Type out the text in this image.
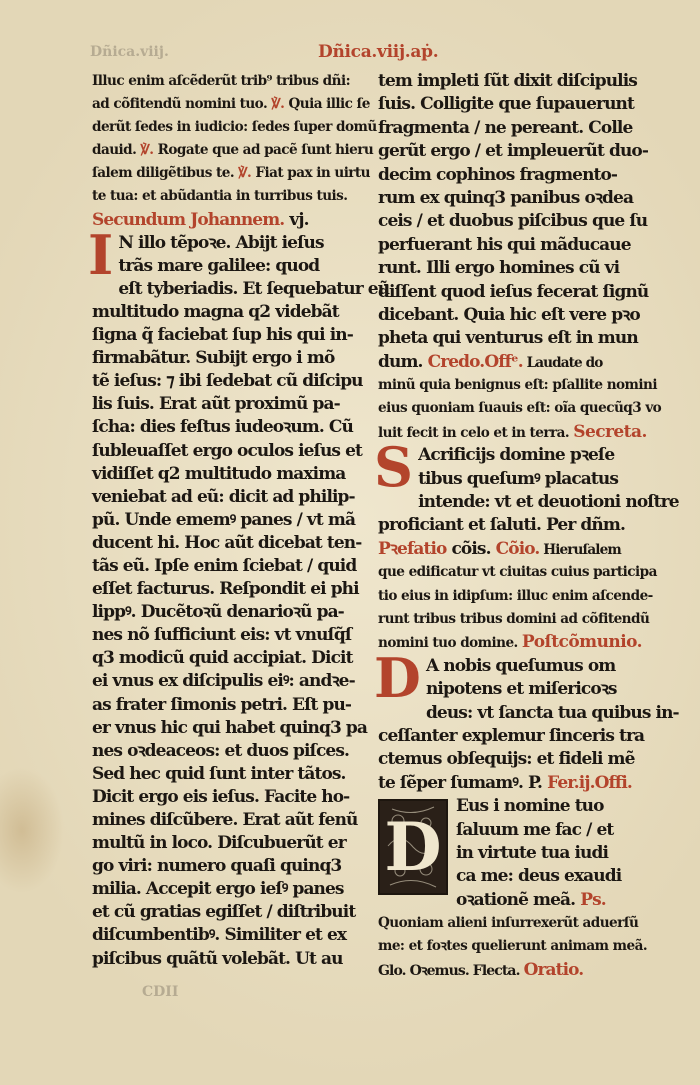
Dñica.viij.	Dñica.viij.aṗ.
Illuc enim aſcẽderũt trib⁹ tribus dñi:
ad cõfitendũ nomini tuo. ℣. Quia illic ſe
derũt ſedes in iudicio: ſedes ſuper domũ
dauid. ℣. Rogate que ad pacẽ ſunt hieru
ſalem diligẽtibus te. ℣. Fiat pax in uirtu
te tua: et abũdantia in turribus tuis.
Secundum Johannem. vj.
I N illo tẽpoꝛe. Abijt ieſus
trãs mare galilee: quod
eſt tyberiadis. Et ſequebatur eũ
multitudo magna q2 videbãt
ſigna q̃ faciebat ſup his qui in-
firmabãtur. Subijt ergo i mõ
tẽ ieſus: ⁊ ibi ſedebat cũ diſcipu
lis ſuis. Erat aũt proximũ pa-
ſcha: dies feſtus iudeoꝛum. Cũ
ſubleuaſſet ergo oculos ieſus et
vidiſſet q2 multitudo maxima
veniebat ad eũ: dicit ad philip-
pũ. Unde ememꝰ panes / vt mã
ducent hi. Hoc aũt dicebat ten-
tãs eũ. Ipſe enim ſciebat / quid
eſſet facturus. Reſpondit ei phi
lippꝰ. Ducẽtoꝛũ denarioꝛũ pa-
nes nõ ſufficiunt eis: vt vnuſq̃ſ
q3 modicũ quid accipiat. Dicit
ei vnus ex diſcipulis eiꝰ: andꝛe-
as frater ſimonis petri. Eſt pu-
er vnus hic qui habet quinq3 pa
nes oꝛdeaceos: et duos piſces.
Sed hec quid ſunt inter tãtos.
Dicit ergo eis ieſus. Facite ho-
mines diſcũbere. Erat aũt fenũ
multũ in loco. Diſcubuerũt er
go viri: numero quaſi quinq3
milia. Accepit ergo ieſꝰ panes
et cũ gratias egiſſet / diſtribuit
diſcumbentibꝰ. Similiter et ex
piſcibus quãtũ volebãt. Ut au
tem impleti ſũt dixit diſcipulis
ſuis. Colligite que ſupauerunt
fragmenta / ne pereant. Colle
gerũt ergo / et impleuerũt duo-
decim cophinos fragmento-
rum ex quinq3 panibus oꝛdea
ceis / et duobus piſcibus que ſu
perfuerant his qui mãducaue
runt. Illi ergo homines cũ vi
diſſent quod ieſus fecerat ſignũ
dicebant. Quia hic eſt vere pꝛo
pheta qui venturus eſt in mun
dum. Credo.Offᵉ. Laudate do
minũ quia benignus eſt: pſallite nomini
eius quoniam ſuauis eſt: oĩa quecũq3 vo
luit fecit in celo et in terra. Secreta.
S Acrificijs domine pꝛeſe
tibus queſumꝰ placatus
intende: vt et deuotioni noſtre
proficiant et ſaluti. Per dñm.
Pꝛefatio cõis. Cõio. Hieruſalem
que edificatur vt ciuitas cuius participa
tio eius in idipſum: illuc enim aſcende-
runt tribus tribus domini ad cõfitendũ
nomini tuo domine. Poſtcõmunio.
D A nobis queſumus om
nipotens et miſericoꝛs
deus: vt ſancta tua quibus in-
ceſſanter explemur ſinceris tra
ctemus obſequijs: et fideli mẽ
te ſẽper ſumamꝰ. P. Fer.ij.Offi.
D
Eus i nomine tuo
ſaluum me fac / et
in virtute tua iudi
ca me: deus exaudi
oꝛationẽ meã. Ps.
Quoniam alieni inſurrexerũt aduerſũ
me: et foꝛtes quelierunt animam meã.
Glo. Oꝛemus. Flecta. Oratio.
CDII
